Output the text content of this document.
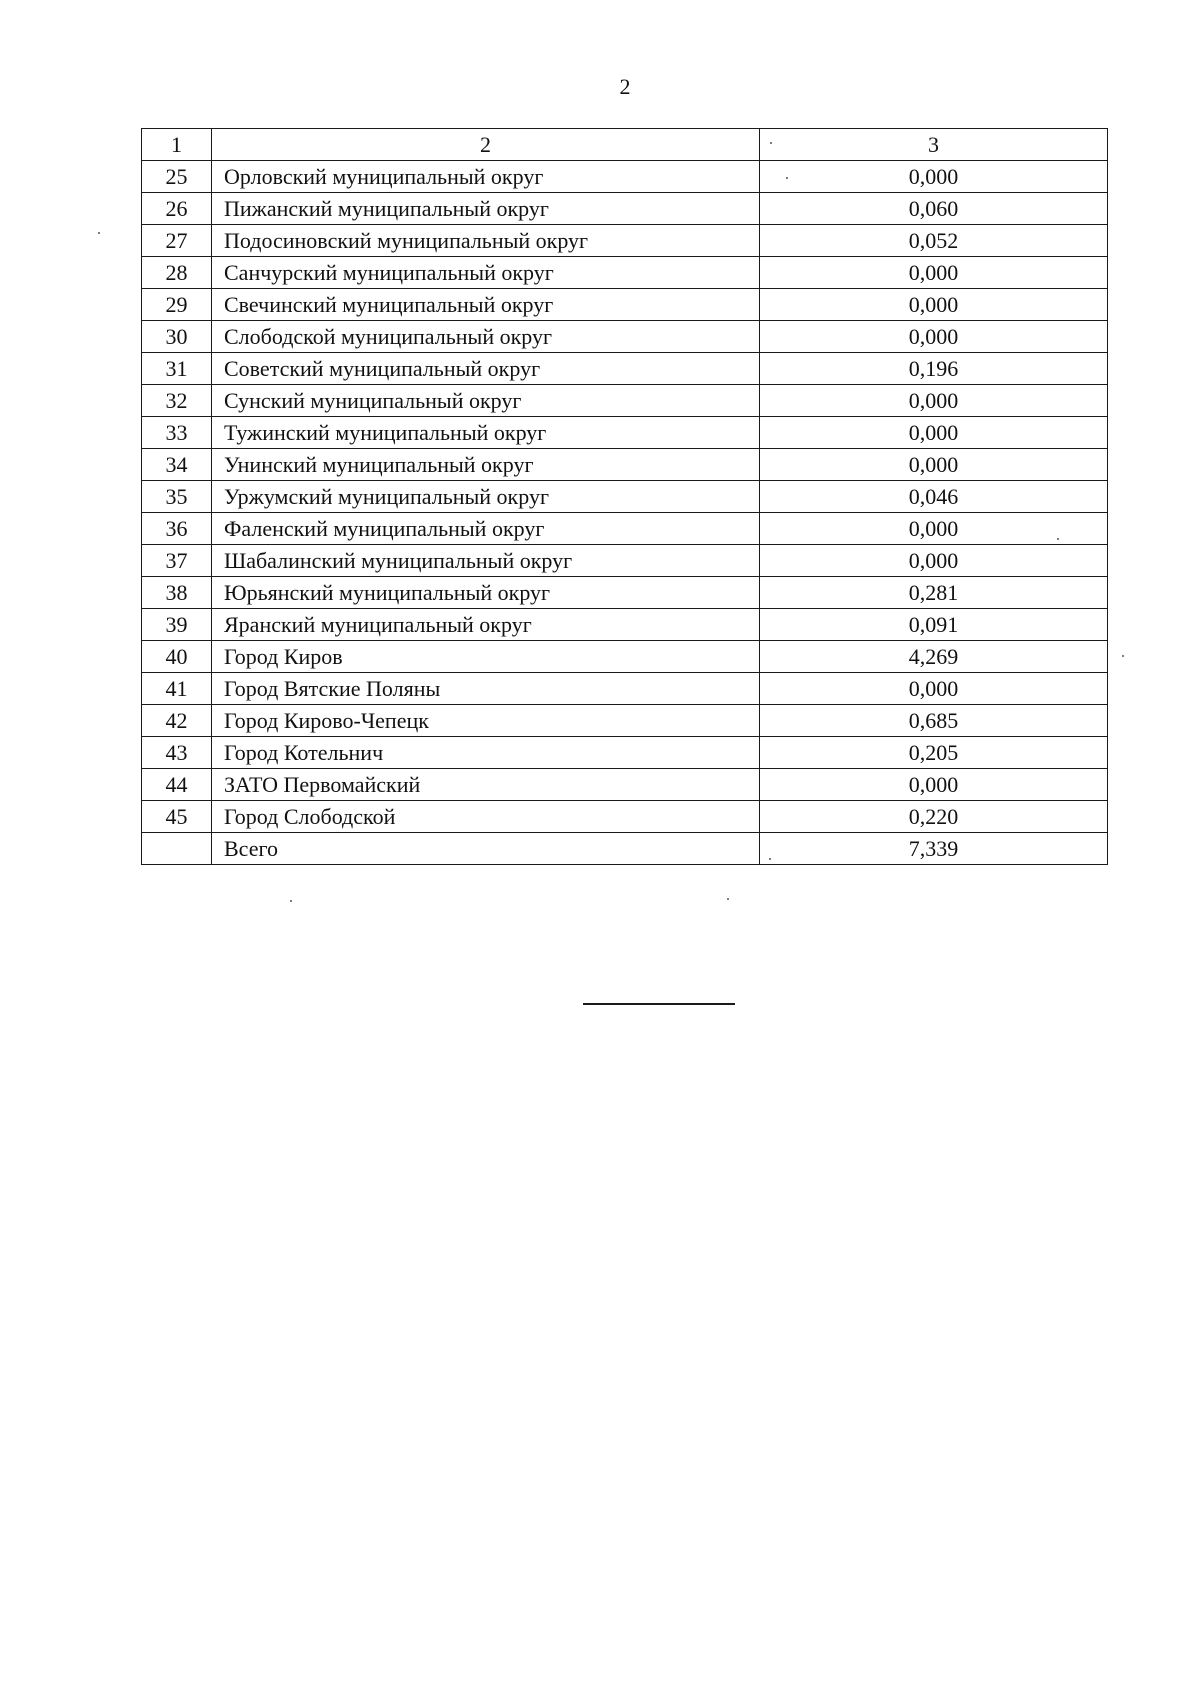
2
1	2	3
25	Орловский муниципальный округ	0,000
26	Пижанский муниципальный округ	0,060
27	Подосиновский муниципальный округ	0,052
28	Санчурский муниципальный округ	0,000
29	Свечинский муниципальный округ	0,000
30	Слободской муниципальный округ	0,000
31	Советский муниципальный округ	0,196
32	Сунский муниципальный округ	0,000
33	Тужинский муниципальный округ	0,000
34	Унинский муниципальный округ	0,000
35	Уржумский муниципальный округ	0,046
36	Фаленский муниципальный округ	0,000
37	Шабалинский муниципальный округ	0,000
38	Юрьянский муниципальный округ	0,281
39	Яранский муниципальный округ	0,091
40	Город Киров	4,269
41	Город Вятские Поляны	0,000
42	Город Кирово-Чепецк	0,685
43	Город Котельнич	0,205
44	ЗАТО Первомайский	0,000
45	Город Слободской	0,220
	Всего	7,339
